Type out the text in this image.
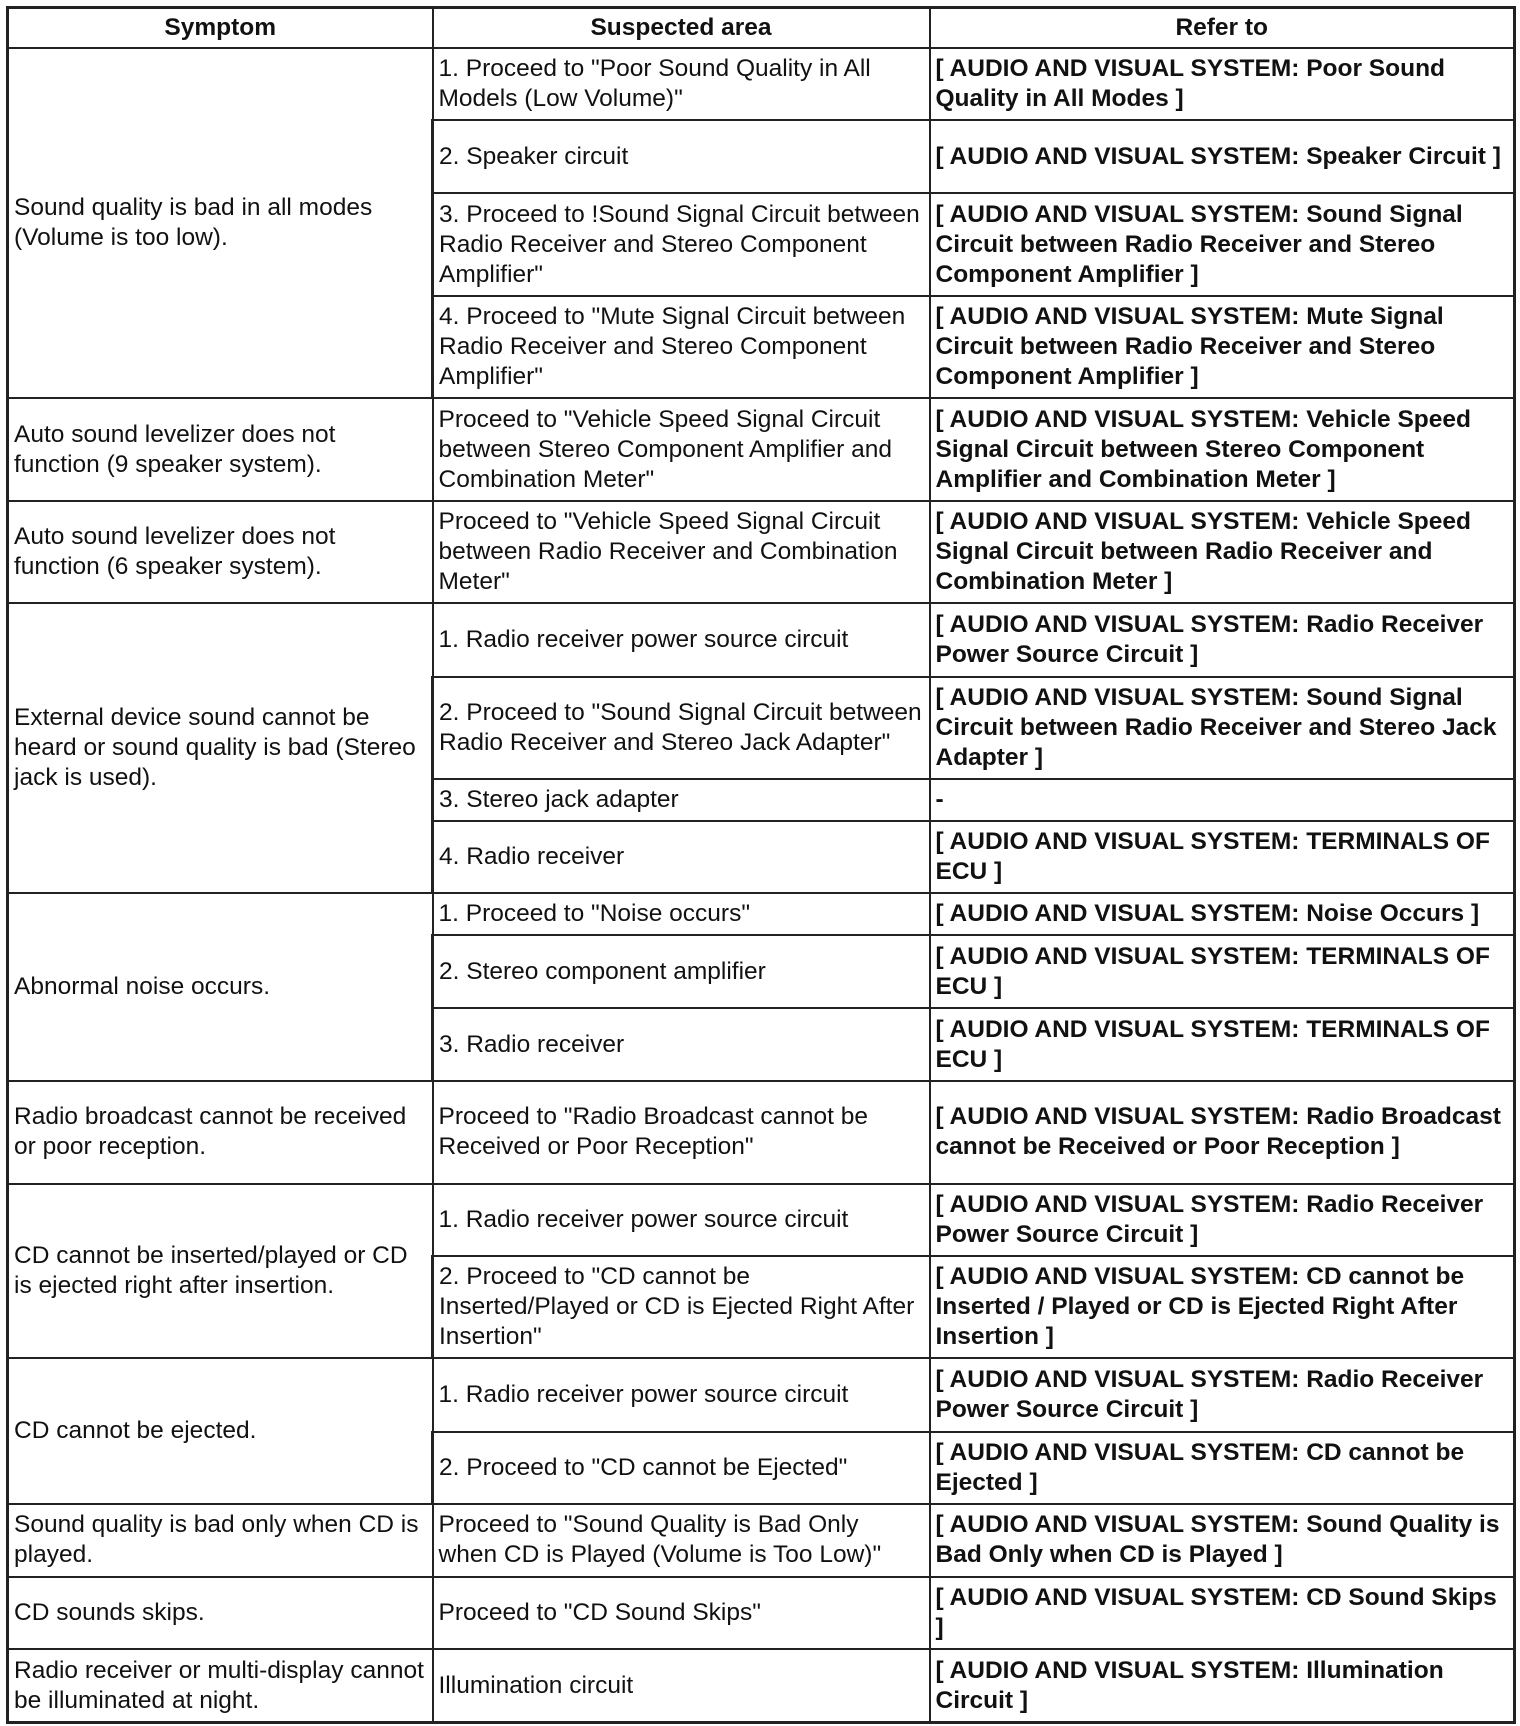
Symptom	Suspected area	Refer to
Sound quality is bad in all modes (Volume is too low).	1. Proceed to "Poor Sound Quality in All Models (Low Volume)"	[ AUDIO AND VISUAL SYSTEM: Poor Sound Quality in All Modes ]
	2. Speaker circuit	[ AUDIO AND VISUAL SYSTEM: Speaker Circuit ]
	3. Proceed to !Sound Signal Circuit between Radio Receiver and Stereo Component Amplifier"	[ AUDIO AND VISUAL SYSTEM: Sound Signal Circuit between Radio Receiver and Stereo Component Amplifier ]
	4. Proceed to "Mute Signal Circuit between Radio Receiver and Stereo Component Amplifier"	[ AUDIO AND VISUAL SYSTEM: Mute Signal Circuit between Radio Receiver and Stereo Component Amplifier ]
Auto sound levelizer does not function (9 speaker system).	Proceed to "Vehicle Speed Signal Circuit between Stereo Component Amplifier and Combination Meter"	[ AUDIO AND VISUAL SYSTEM: Vehicle Speed Signal Circuit between Stereo Component Amplifier and Combination Meter ]
Auto sound levelizer does not function (6 speaker system).	Proceed to "Vehicle Speed Signal Circuit between Radio Receiver and Combination Meter"	[ AUDIO AND VISUAL SYSTEM: Vehicle Speed Signal Circuit between Radio Receiver and Combination Meter ]
External device sound cannot be heard or sound quality is bad (Stereo jack is used).	1. Radio receiver power source circuit	[ AUDIO AND VISUAL SYSTEM: Radio Receiver Power Source Circuit ]
	2. Proceed to "Sound Signal Circuit between Radio Receiver and Stereo Jack Adapter"	[ AUDIO AND VISUAL SYSTEM: Sound Signal Circuit between Radio Receiver and Stereo Jack Adapter ]
	3. Stereo jack adapter	-
	4. Radio receiver	[ AUDIO AND VISUAL SYSTEM: TERMINALS OF ECU ]
Abnormal noise occurs.	1. Proceed to "Noise occurs"	[ AUDIO AND VISUAL SYSTEM: Noise Occurs ]
	2. Stereo component amplifier	[ AUDIO AND VISUAL SYSTEM: TERMINALS OF ECU ]
	3. Radio receiver	[ AUDIO AND VISUAL SYSTEM: TERMINALS OF ECU ]
Radio broadcast cannot be received or poor reception.	Proceed to "Radio Broadcast cannot be Received or Poor Reception"	[ AUDIO AND VISUAL SYSTEM: Radio Broadcast cannot be Received or Poor Reception ]
CD cannot be inserted/played or CD is ejected right after insertion.	1. Radio receiver power source circuit	[ AUDIO AND VISUAL SYSTEM: Radio Receiver Power Source Circuit ]
	2. Proceed to "CD cannot be Inserted/Played or CD is Ejected Right After Insertion"	[ AUDIO AND VISUAL SYSTEM: CD cannot be Inserted / Played or CD is Ejected Right After Insertion ]
CD cannot be ejected.	1. Radio receiver power source circuit	[ AUDIO AND VISUAL SYSTEM: Radio Receiver Power Source Circuit ]
	2. Proceed to "CD cannot be Ejected"	[ AUDIO AND VISUAL SYSTEM: CD cannot be Ejected ]
Sound quality is bad only when CD is played.	Proceed to "Sound Quality is Bad Only when CD is Played (Volume is Too Low)"	[ AUDIO AND VISUAL SYSTEM: Sound Quality is Bad Only when CD is Played ]
CD sounds skips.	Proceed to "CD Sound Skips"	[ AUDIO AND VISUAL SYSTEM: CD Sound Skips ]
Radio receiver or multi-display cannot be illuminated at night.	Illumination circuit	[ AUDIO AND VISUAL SYSTEM: Illumination Circuit ]
